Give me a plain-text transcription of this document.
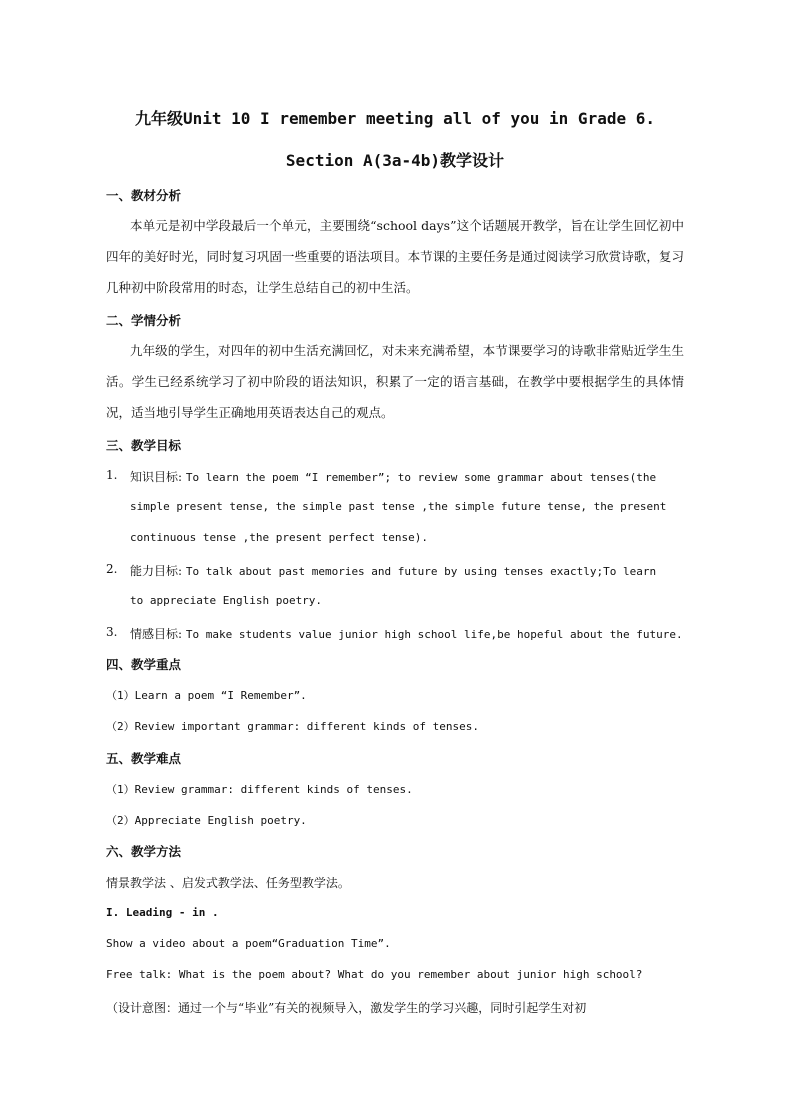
九年级Unit 10 I remember meeting all of you in Grade 6.
Section A(3a-4b)教学设计
一、教材分析
本单元是初中学段最后一个单元，主要围绕“school days”这个话题展开教学，旨在让学生回忆初中四年的美好时光，同时复习巩固一些重要的语法项目。本节课的主要任务是通过阅读学习欣赏诗歌，复习几种初中阶段常用的时态，让学生总结自己的初中生活。
二、学情分析
九年级的学生，对四年的初中生活充满回忆，对未来充满希望，本节课要学习的诗歌非常贴近学生生活。学生已经系统学习了初中阶段的语法知识，积累了一定的语言基础，在教学中要根据学生的具体情况，适当地引导学生正确地用英语表达自己的观点。
三、教学目标
1. 知识目标: To learn the poem “I remember”; to review some grammar about tenses(the
simple present tense, the simple past tense ,the simple future tense, the present
continuous tense ,the present perfect tense).
2. 能力目标: To talk about past memories and future by using tenses exactly;To learn
to appreciate English poetry.
3. 情感目标: To make students value junior high school life,be hopeful about the future.
四、教学重点
（1）Learn a poem “I Remember”.
（2）Review important grammar: different kinds of tenses.
五、教学难点
（1）Review grammar: different kinds of tenses.
（2）Appreciate English poetry.
六、教学方法
情景教学法 、启发式教学法、任务型教学法。
I. Leading - in .
Show a video about a poem“Graduation Time”.
Free talk: What is the poem about? What do you remember about junior high school?
（设计意图：通过一个与“毕业”有关的视频导入，激发学生的学习兴趣，同时引起学生对初
